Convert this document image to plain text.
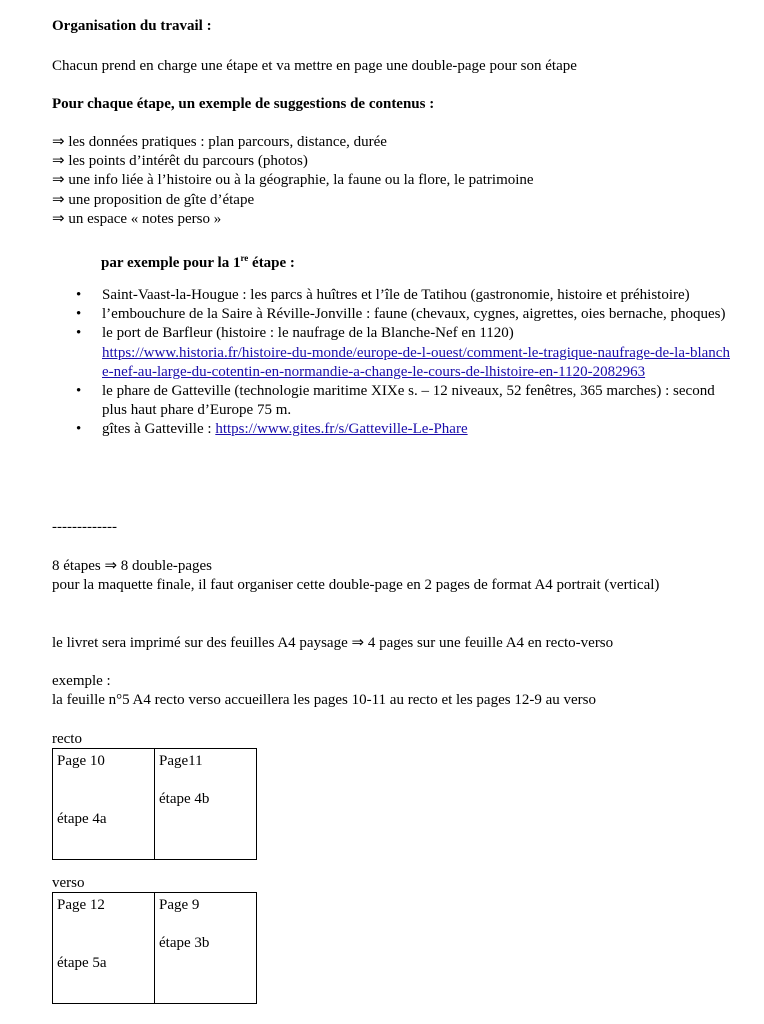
Organisation du travail :

Chacun prend en charge une étape et va mettre en page une double-page pour son étape

Pour chaque étape, un exemple de suggestions de contenus :

⇒ les données pratiques : plan parcours, distance, durée

⇒ les points d’intérêt du parcours (photos)

⇒ une info liée à l’histoire ou à la géographie, la faune ou la flore, le patrimoine

⇒ une proposition de gîte d’étape

⇒ un espace « notes perso »

par exemple pour la 1re étape :

• Saint-Vaast-la-Hougue : les parcs à huîtres et l’île de Tatihou (gastronomie, histoire et préhistoire)
• l’embouchure de la Saire à Réville-Jonville : faune (chevaux, cygnes, aigrettes, oies bernache, phoques)
• le port de Barfleur (histoire : le naufrage de la Blanche-Nef en 1120)
https://www.historia.fr/histoire-du-monde/europe-de-l-ouest/comment-le-tragique-naufrage-de-la-blanche-nef-au-large-du-cotentin-en-normandie-a-change-le-cours-de-lhistoire-en-1120-2082963
• le phare de Gatteville (technologie maritime XIXe s. – 12 niveaux, 52 fenêtres, 365 marches) : second plus haut phare d’Europe 75 m.
• gîtes à Gatteville : https://www.gites.fr/s/Gatteville-Le-Phare

-------------

8 étapes ⇒ 8 double-pages

pour la maquette finale, il faut organiser cette double-page en 2 pages de format A4 portrait (vertical)

le livret sera imprimé sur des feuilles A4 paysage ⇒ 4 pages sur une feuille A4 en recto-verso

exemple :

la feuille n°5 A4 recto verso accueillera les pages 10-11 au recto et les pages 12-9 au verso

recto

Page 10
étape 4a

Page11
étape 4b

verso

Page 12
étape 5a

Page 9
étape 3b
